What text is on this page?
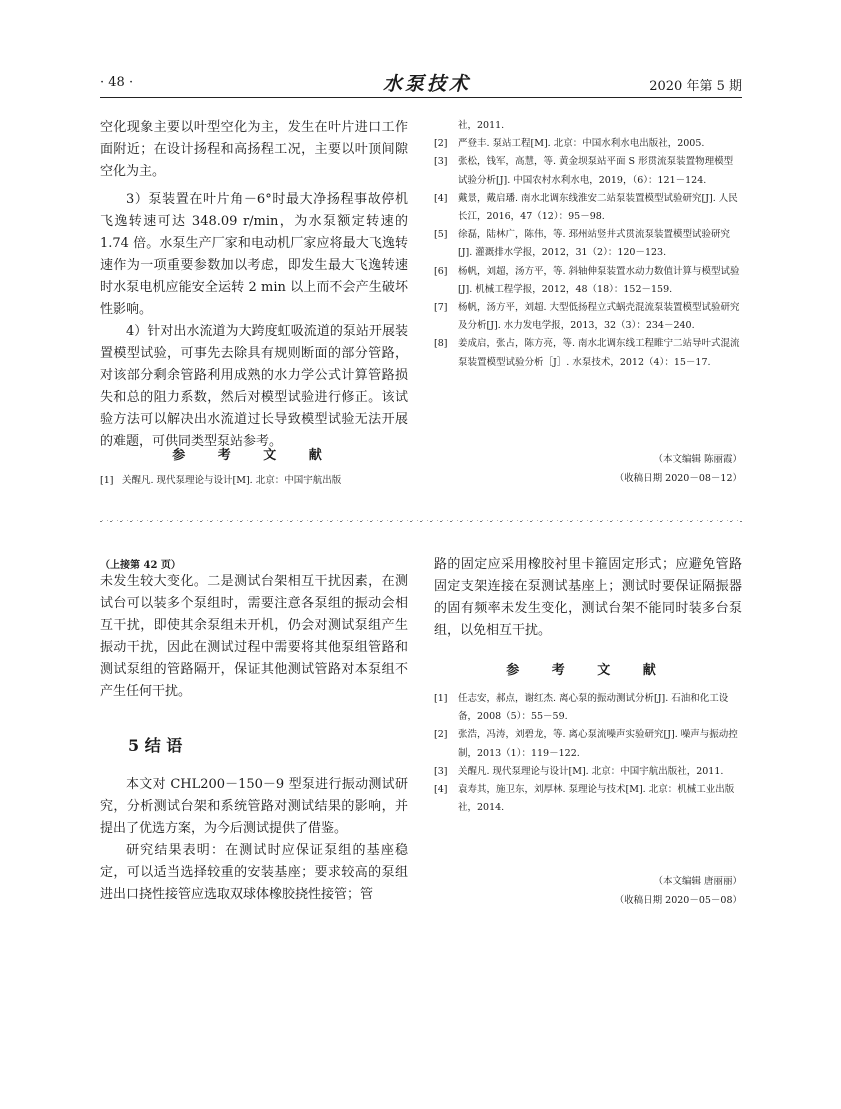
· 48 ·	水泵技术	2020 年第 5 期

空化现象主要以叶型空化为主，发生在叶片进口工作面附近；在设计扬程和高扬程工况，主要以叶顶间隙空化为主。

3）泵装置在叶片角－6°时最大净扬程事故停机飞逸转速可达 348.09 r/min，为水泵额定转速的 1.74 倍。水泵生产厂家和电动机厂家应将最大飞逸转速作为一项重要参数加以考虑，即发生最大飞逸转速时水泵电机应能安全运转 2 min 以上而不会产生破坏性影响。

4）针对出水流道为大跨度虹吸流道的泵站开展装置模型试验，可事先去除具有规则断面的部分管路，对该部分剩余管路利用成熟的水力学公式计算管路损失和总的阻力系数，然后对模型试验进行修正。该试验方法可以解决出水流道过长导致模型试验无法开展的难题，可供同类型泵站参考。

参 考 文 献
[1] 关醒凡. 现代泵理论与设计[M]. 北京：中国宇航出版
社，2011.
[2]	严登丰. 泵站工程[M]. 北京：中国水利水电出版社，2005.
[3]	张松，钱军，高慧，等. 黄金坝泵站平面 S 形贯流泵装置物理模型试验分析[J]. 中国农村水利水电，2019，（6）：121－124.
[4]	戴景，戴启璠. 南水北调东线淮安二站泵装置模型试验研究[J]. 人民长江，2016，47（12）：95－98.
[5]	徐磊，陆林广，陈伟，等. 邳州站竖井式贯流泵装置模型试验研究[J]. 灌溉排水学报，2012，31（2）：120－123.
[6]	杨帆，刘超，汤方平，等. 斜轴伸泵装置水动力数值计算与模型试验[J]. 机械工程学报，2012，48（18）：152－159.
[7]	杨帆，汤方平，刘超. 大型低扬程立式蜗壳混流泵装置模型试验研究及分析[J]. 水力发电学报，2013，32（3）：234－240.
[8]	姜成启，张占，陈方亮，等. 南水北调东线工程睢宁二站导叶式混流泵装置模型试验分析［J］. 水泵技术，2012（4）：15－17.
（本文编辑 陈丽霞）
（收稿日期 2020－08－12）
（上接第 42 页）

未发生较大变化。二是测试台架相互干扰因素，在测试台可以装多个泵组时，需要注意各泵组的振动会相互干扰，即使其余泵组未开机，仍会对测试泵组产生振动干扰，因此在测试过程中需要将其他泵组管路和测试泵组的管路隔开，保证其他测试管路对本泵组不产生任何干扰。

5 结 语

本文对 CHL200－150－9 型泵进行振动测试研究，分析测试台架和系统管路对测试结果的影响，并提出了优选方案，为今后测试提供了借鉴。

研究结果表明：在测试时应保证泵组的基座稳定，可以适当选择较重的安装基座；要求较高的泵组进出口挠性接管应选取双球体橡胶挠性接管；管

路的固定应采用橡胶衬里卡箍固定形式；应避免管路固定支架连接在泵测试基座上；测试时要保证隔振器的固有频率未发生变化，测试台架不能同时装多台泵组，以免相互干扰。

参 考 文 献
[1]	任志安，郝点，谢红杰. 离心泵的振动测试分析[J]. 石油和化工设备，2008（5）：55－59.
[2]	张浩，冯涛，刘碧龙，等. 离心泵流噪声实验研究[J]. 噪声与振动控制，2013（1）：119－122.
[3]	关醒凡. 现代泵理论与设计[M]. 北京：中国宇航出版社，2011.
[4]	袁寿其，施卫东，刘厚林. 泵理论与技术[M]. 北京：机械工业出版社，2014.
（本文编辑 唐丽丽）
（收稿日期 2020－05－08）
